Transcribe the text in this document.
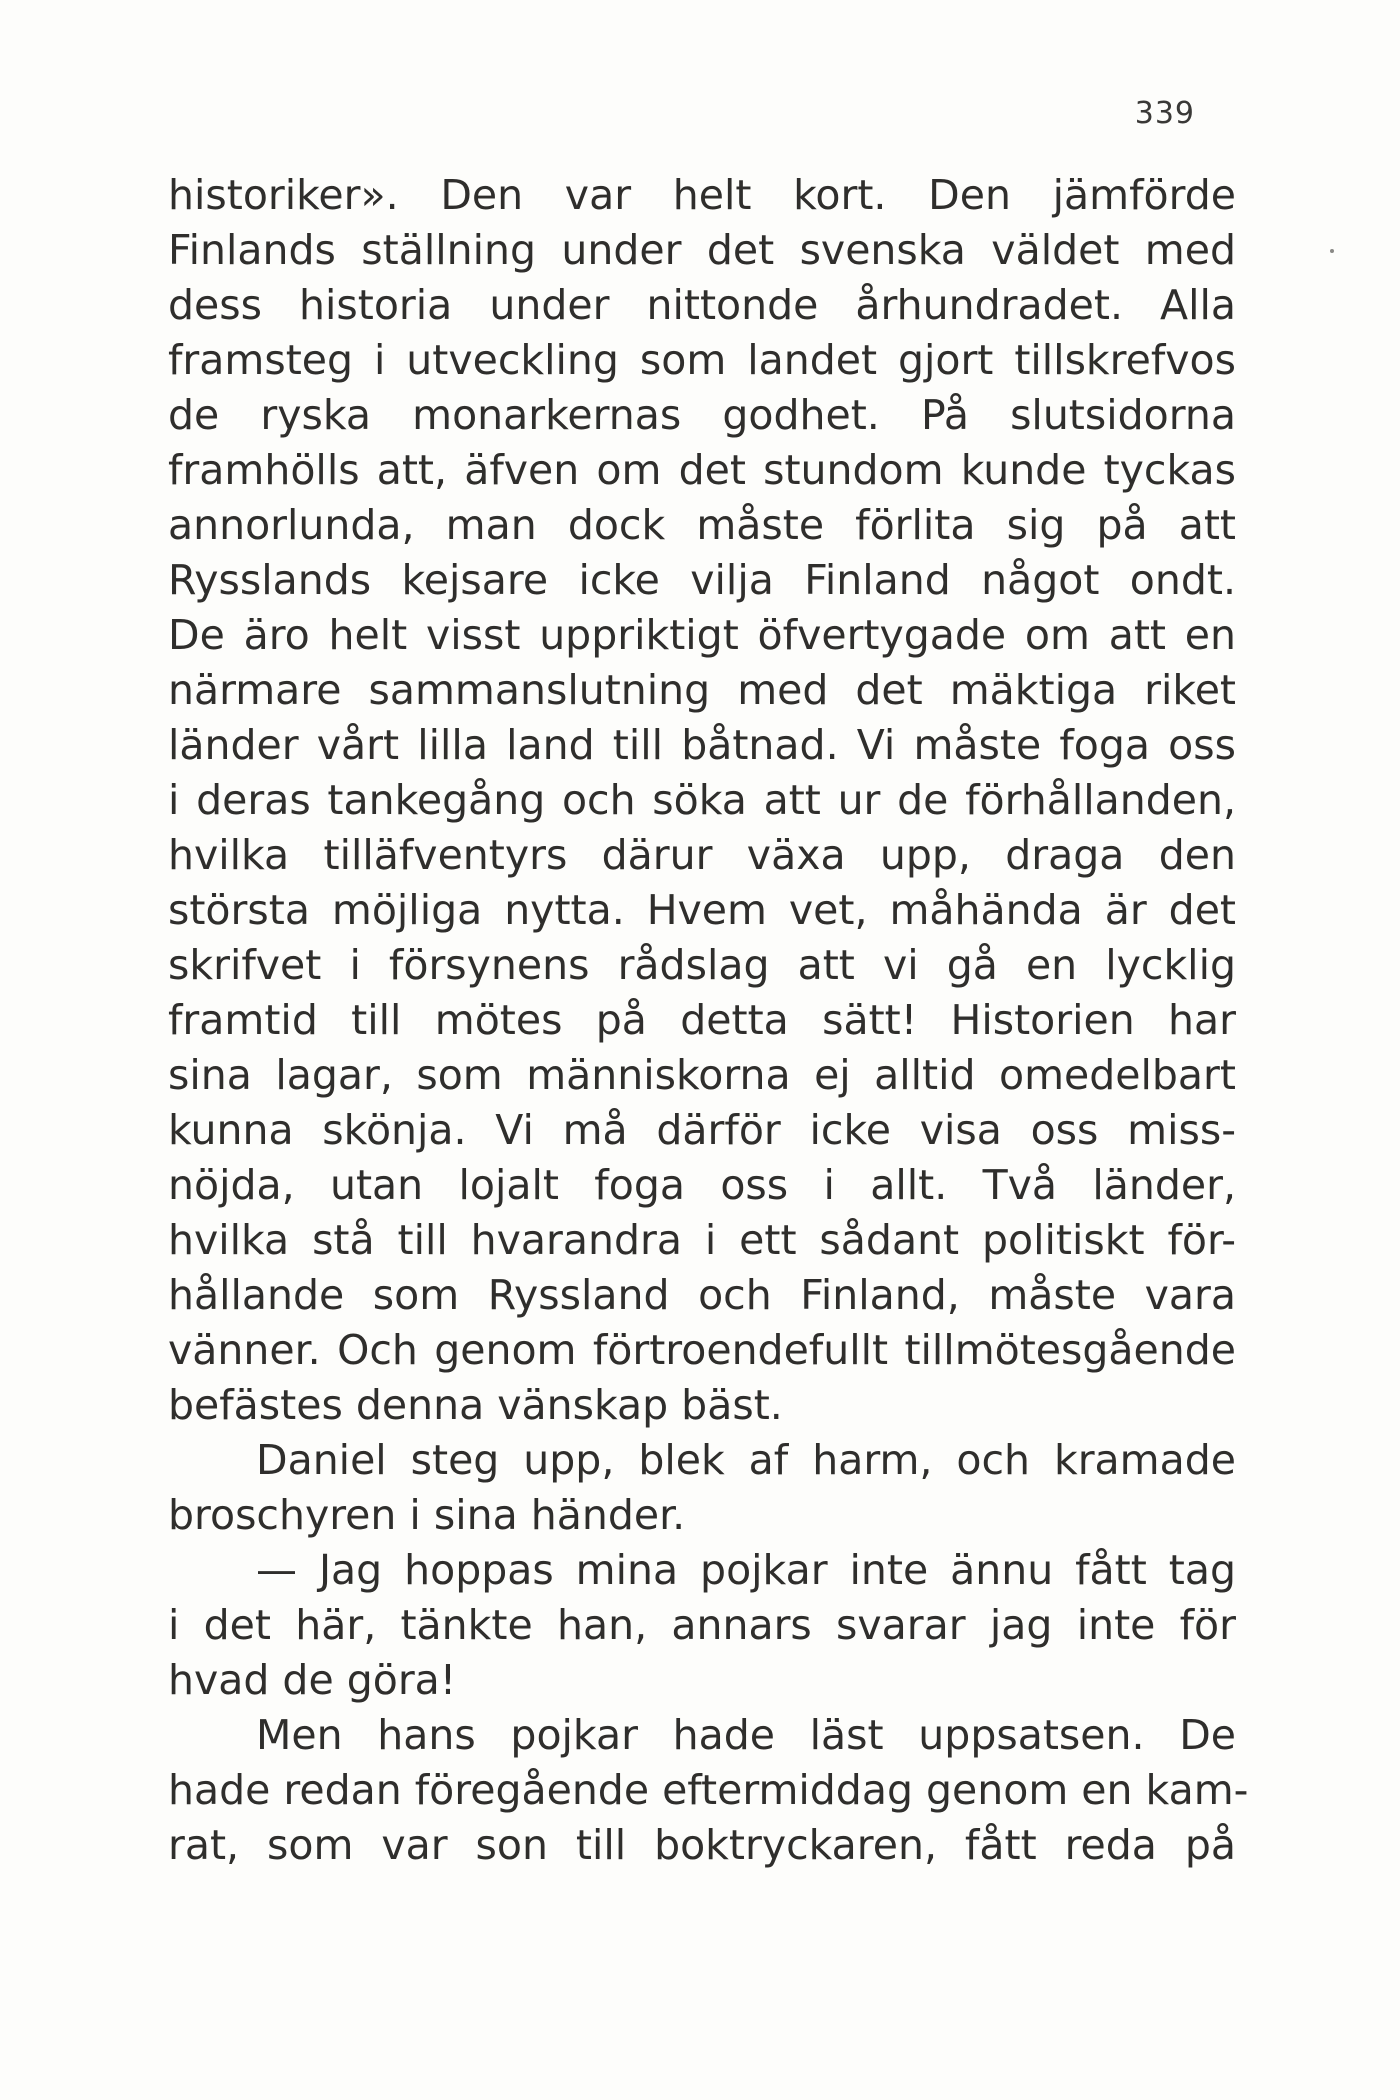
339
historiker». Den var helt kort. Den jämförde
Finlands ställning under det svenska väldet med
dess historia under nittonde århundradet. Alla
framsteg i utveckling som landet gjort tillskrefvos
de ryska monarkernas godhet. På slutsidorna
framhölls att, äfven om det stundom kunde tyckas
annorlunda, man dock måste förlita sig på att
Rysslands kejsare icke vilja Finland något ondt.
De äro helt visst uppriktigt öfvertygade om att en
närmare sammanslutning med det mäktiga riket
länder vårt lilla land till båtnad. Vi måste foga oss
i deras tankegång och söka att ur de förhållanden,
hvilka tilläfventyrs därur växa upp, draga den
största möjliga nytta. Hvem vet, måhända är det
skrifvet i försynens rådslag att vi gå en lycklig
framtid till mötes på detta sätt! Historien har
sina lagar, som människorna ej alltid omedelbart
kunna skönja. Vi må därför icke visa oss miss-
nöjda, utan lojalt foga oss i allt. Två länder,
hvilka stå till hvarandra i ett sådant politiskt för-
hållande som Ryssland och Finland, måste vara
vänner. Och genom förtroendefullt tillmötesgående
befästes denna vänskap bäst.
Daniel steg upp, blek af harm, och kramade
broschyren i sina händer.
— Jag hoppas mina pojkar inte ännu fått tag
i det här, tänkte han, annars svarar jag inte för
hvad de göra!
Men hans pojkar hade läst uppsatsen. De
hade redan föregående eftermiddag genom en kam-
rat, som var son till boktryckaren, fått reda på
